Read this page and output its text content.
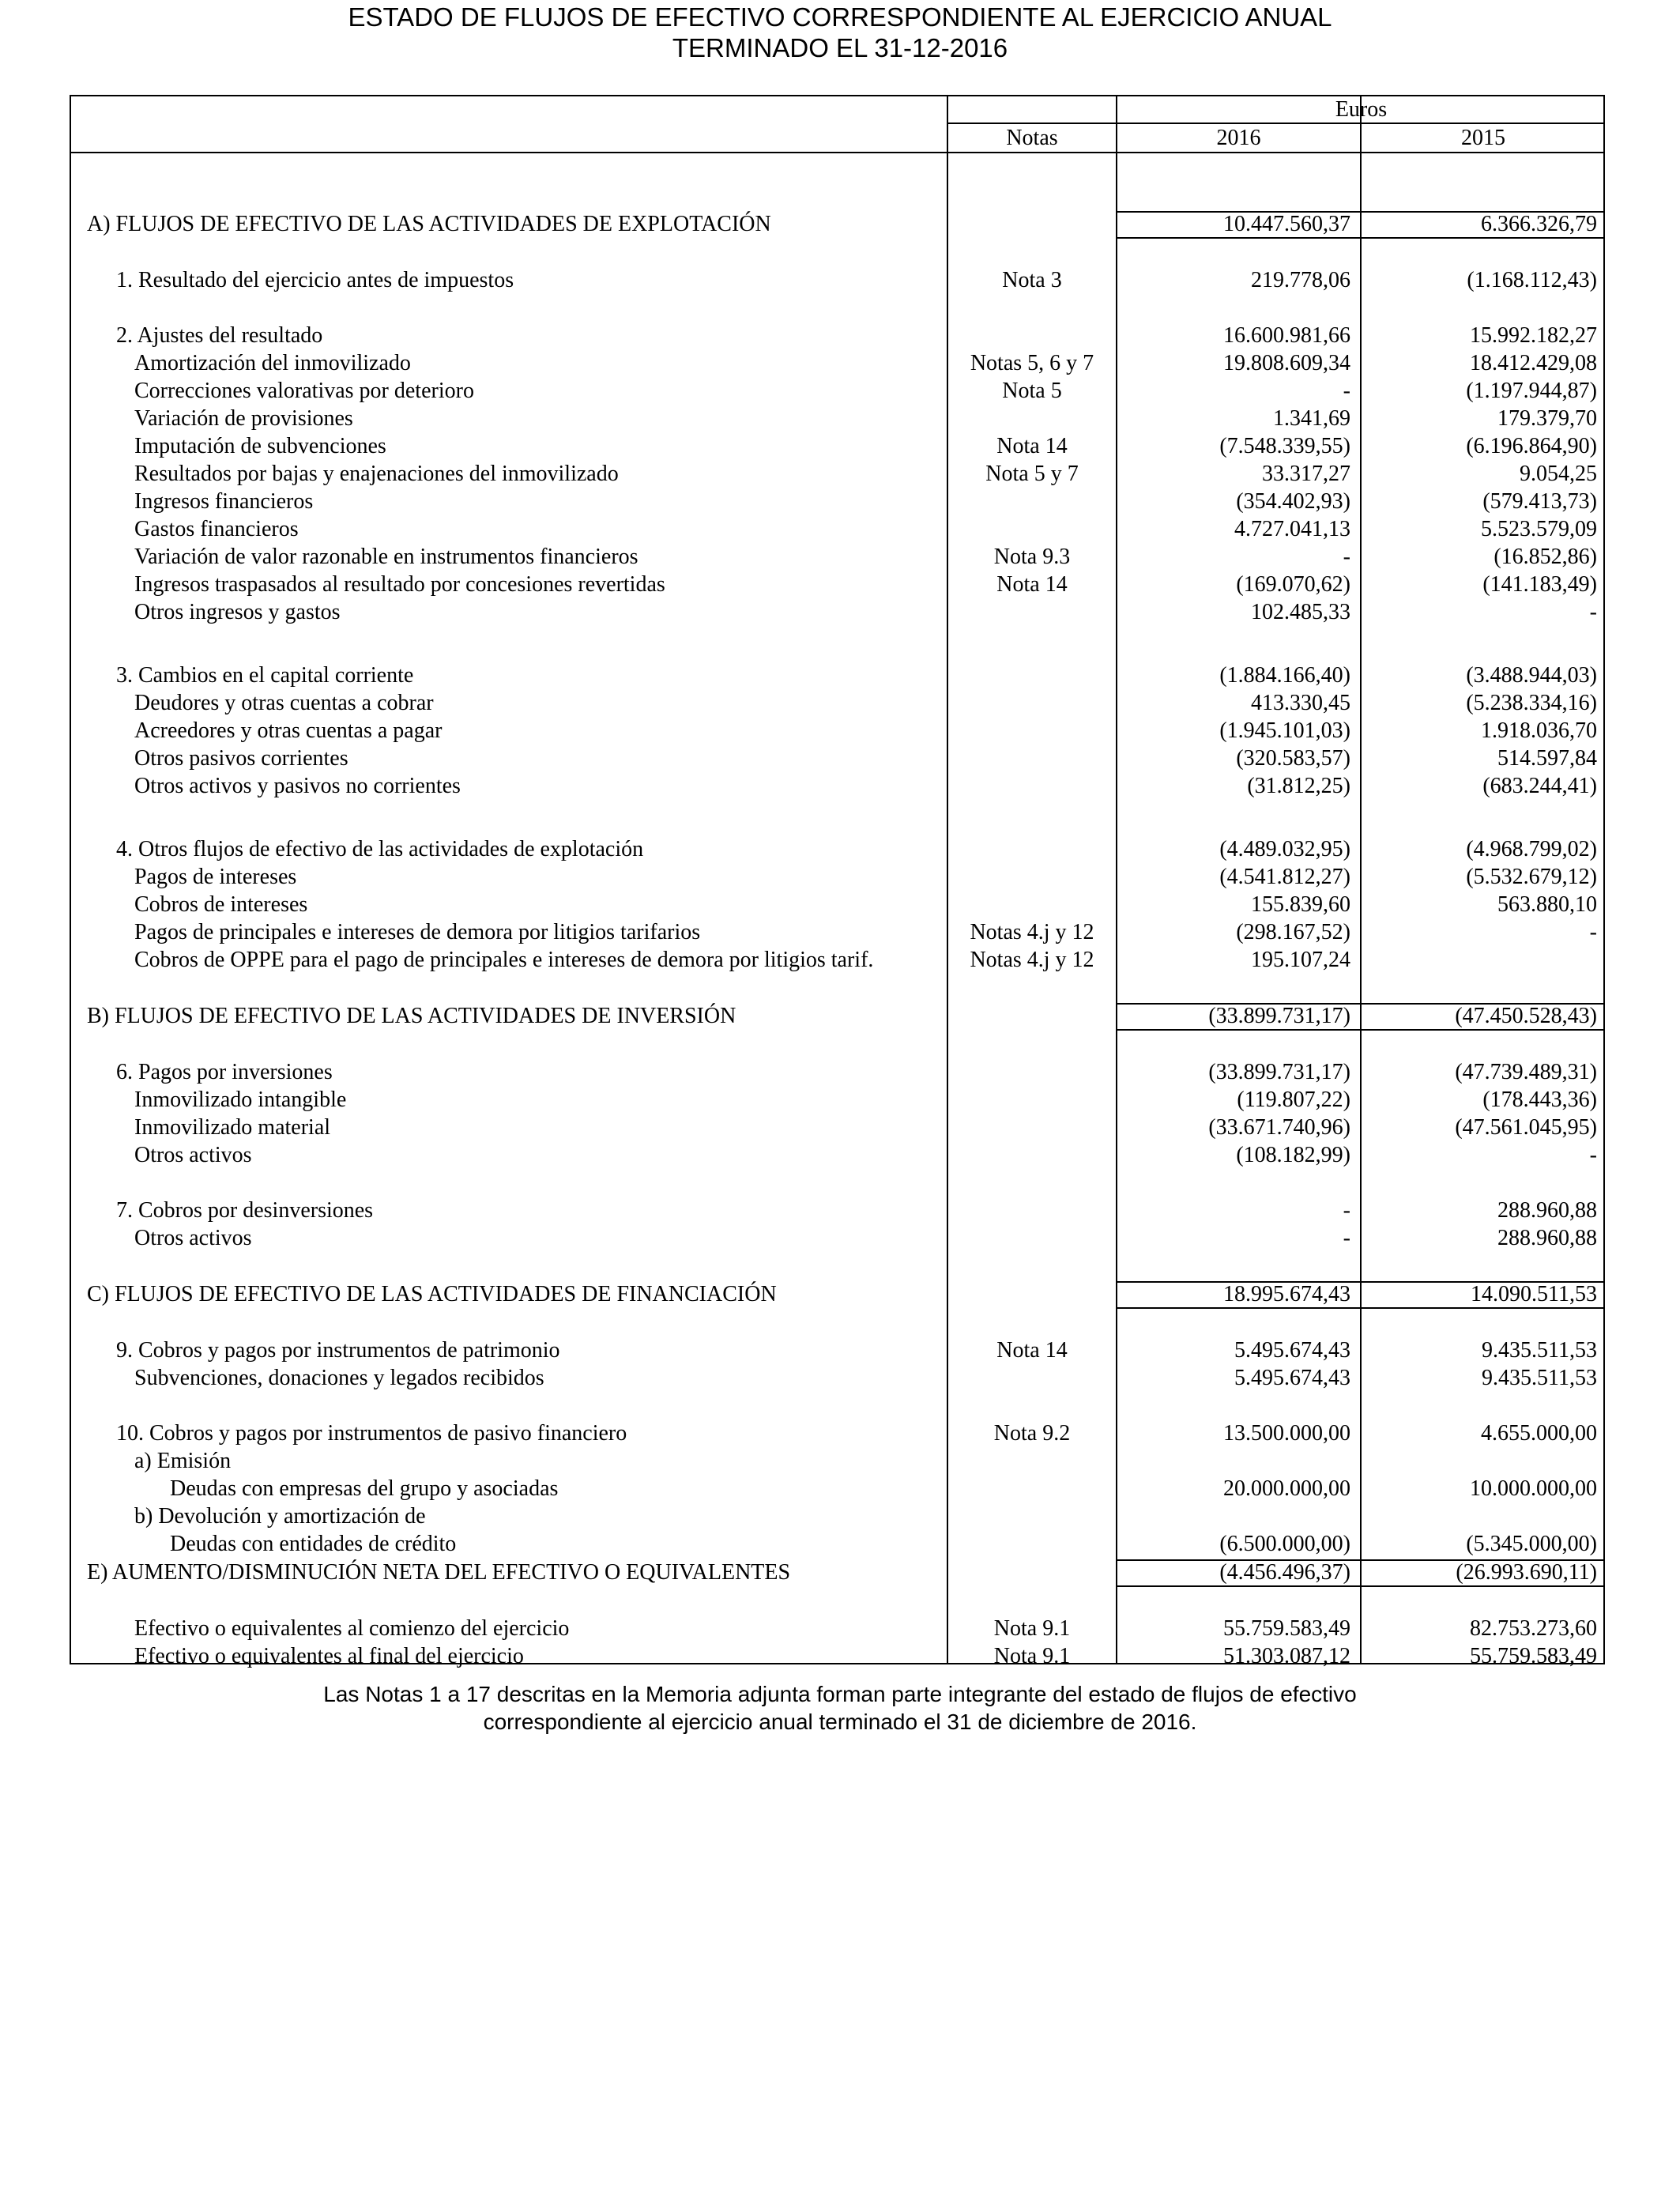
ESTADO DE FLUJOS DE EFECTIVO CORRESPONDIENTE AL EJERCICIO ANUAL
TERMINADO EL 31-12-2016
Euros
Notas	2016	2015
A) FLUJOS DE EFECTIVO DE LAS ACTIVIDADES DE EXPLOTACIÓN	10.447.560,37	6.366.326,79
1. Resultado del ejercicio antes de impuestos	Nota 3	219.778,06	(1.168.112,43)
2. Ajustes del resultado	16.600.981,66	15.992.182,27
Amortización del inmovilizado	Notas 5, 6 y 7	19.808.609,34	18.412.429,08
Correcciones valorativas por deterioro	Nota 5	-	(1.197.944,87)
Variación de provisiones	1.341,69	179.379,70
Imputación de subvenciones	Nota 14	(7.548.339,55)	(6.196.864,90)
Resultados por bajas y enajenaciones del inmovilizado	Nota 5 y 7	33.317,27	9.054,25
Ingresos financieros	(354.402,93)	(579.413,73)
Gastos financieros	4.727.041,13	5.523.579,09
Variación de valor razonable en instrumentos financieros	Nota 9.3	-	(16.852,86)
Ingresos traspasados al resultado por concesiones revertidas	Nota 14	(169.070,62)	(141.183,49)
Otros ingresos y gastos	102.485,33	-
3. Cambios en el capital corriente	(1.884.166,40)	(3.488.944,03)
Deudores y otras cuentas a cobrar	413.330,45	(5.238.334,16)
Acreedores y otras cuentas a pagar	(1.945.101,03)	1.918.036,70
Otros pasivos corrientes	(320.583,57)	514.597,84
Otros activos y pasivos no corrientes	(31.812,25)	(683.244,41)
4. Otros flujos de efectivo de las actividades de explotación	(4.489.032,95)	(4.968.799,02)
Pagos de intereses	(4.541.812,27)	(5.532.679,12)
Cobros de intereses	155.839,60	563.880,10
Pagos de principales e intereses de demora por litigios tarifarios	Notas 4.j y 12	(298.167,52)	-
Cobros de OPPE para el pago de principales e intereses de demora por litigios tarif.	Notas 4.j y 12	195.107,24
B) FLUJOS DE EFECTIVO DE LAS ACTIVIDADES DE INVERSIÓN	(33.899.731,17)	(47.450.528,43)
6. Pagos por inversiones	(33.899.731,17)	(47.739.489,31)
Inmovilizado intangible	(119.807,22)	(178.443,36)
Inmovilizado material	(33.671.740,96)	(47.561.045,95)
Otros activos	(108.182,99)	-
7. Cobros por desinversiones	-	288.960,88
Otros activos	-	288.960,88
C) FLUJOS DE EFECTIVO DE LAS ACTIVIDADES DE FINANCIACIÓN	18.995.674,43	14.090.511,53
9. Cobros y pagos por instrumentos de patrimonio	Nota 14	5.495.674,43	9.435.511,53
Subvenciones, donaciones y legados recibidos	5.495.674,43	9.435.511,53
10. Cobros y pagos por instrumentos de pasivo financiero	Nota 9.2	13.500.000,00	4.655.000,00
a) Emisión
Deudas con empresas del grupo y asociadas	20.000.000,00	10.000.000,00
b) Devolución y amortización de
Deudas con entidades de crédito	(6.500.000,00)	(5.345.000,00)
E) AUMENTO/DISMINUCIÓN NETA DEL EFECTIVO O EQUIVALENTES	(4.456.496,37)	(26.993.690,11)
Efectivo o equivalentes al comienzo del ejercicio	Nota 9.1	55.759.583,49	82.753.273,60
Efectivo o equivalentes al final del ejercicio	Nota 9.1	51.303.087,12	55.759.583,49
Las Notas 1 a 17 descritas en la Memoria adjunta forman parte integrante del estado de flujos de efectivo
correspondiente al ejercicio anual terminado el 31 de diciembre de 2016.
